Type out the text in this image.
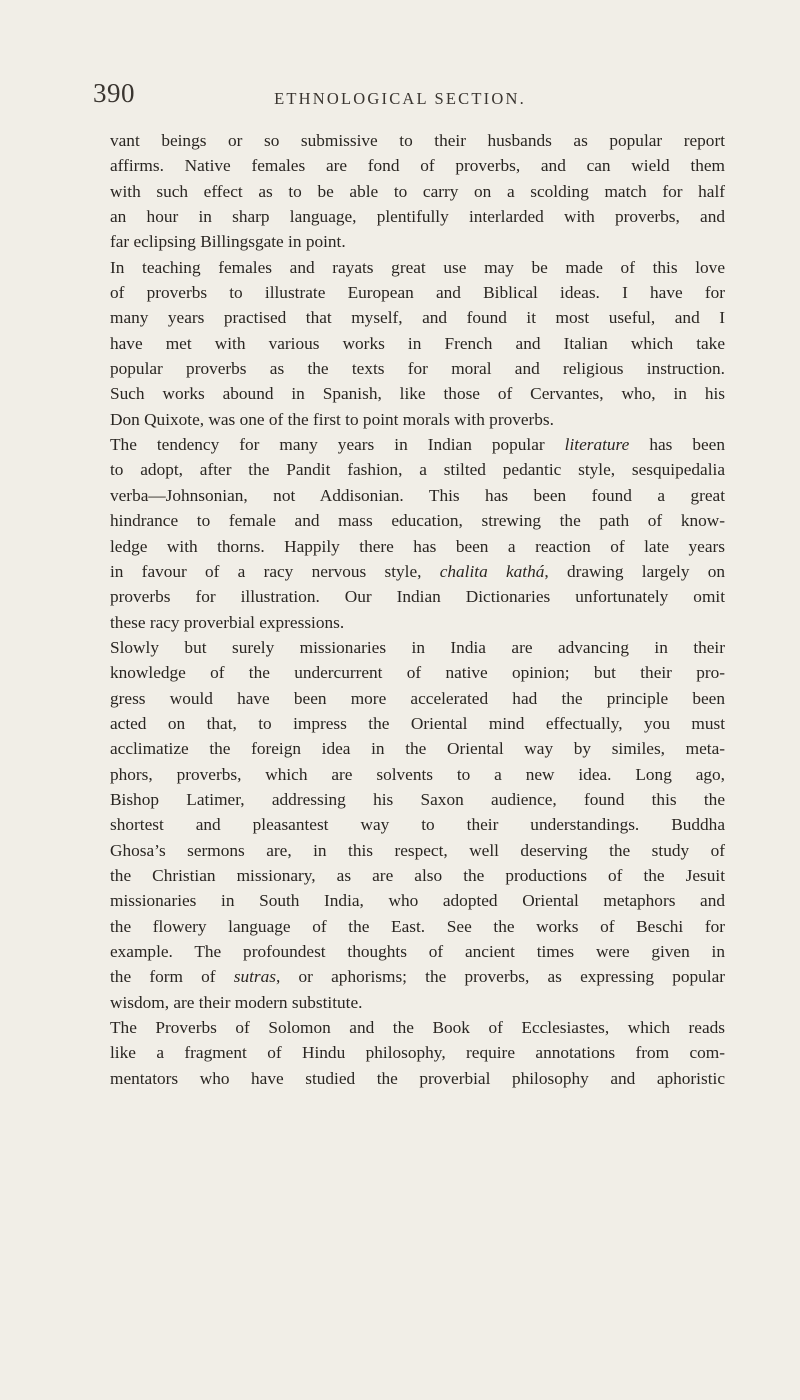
390	ETHNOLOGICAL SECTION.

vant beings or so submissive to their husbands as popular report
affirms. Native females are fond of proverbs, and can wield them
with such effect as to be able to carry on a scolding match for half
an hour in sharp language, plentifully interlarded with proverbs, and
far eclipsing Billingsgate in point.

In teaching females and rayats great use may be made of this love
of proverbs to illustrate European and Biblical ideas. I have for
many years practised that myself, and found it most useful, and I
have met with various works in French and Italian which take
popular proverbs as the texts for moral and religious instruction.
Such works abound in Spanish, like those of Cervantes, who, in his
Don Quixote, was one of the first to point morals with proverbs.

The tendency for many years in Indian popular literature has been
to adopt, after the Pandit fashion, a stilted pedantic style, sesquipedalia
verba—Johnsonian, not Addisonian. This has been found a great
hindrance to female and mass education, strewing the path of know-
ledge with thorns. Happily there has been a reaction of late years
in favour of a racy nervous style, chalita kathá, drawing largely on
proverbs for illustration. Our Indian Dictionaries unfortunately omit
these racy proverbial expressions.

Slowly but surely missionaries in India are advancing in their
knowledge of the undercurrent of native opinion; but their pro-
gress would have been more accelerated had the principle been
acted on that, to impress the Oriental mind effectually, you must
acclimatize the foreign idea in the Oriental way by similes, meta-
phors, proverbs, which are solvents to a new idea. Long ago,
Bishop Latimer, addressing his Saxon audience, found this the
shortest and pleasantest way to their understandings. Buddha
Ghosa’s sermons are, in this respect, well deserving the study of
the Christian missionary, as are also the productions of the Jesuit
missionaries in South India, who adopted Oriental metaphors and
the flowery language of the East. See the works of Beschi for
example. The profoundest thoughts of ancient times were given in
the form of sutras, or aphorisms; the proverbs, as expressing popular
wisdom, are their modern substitute.

The Proverbs of Solomon and the Book of Ecclesiastes, which reads
like a fragment of Hindu philosophy, require annotations from com-
mentators who have studied the proverbial philosophy and aphoristic
